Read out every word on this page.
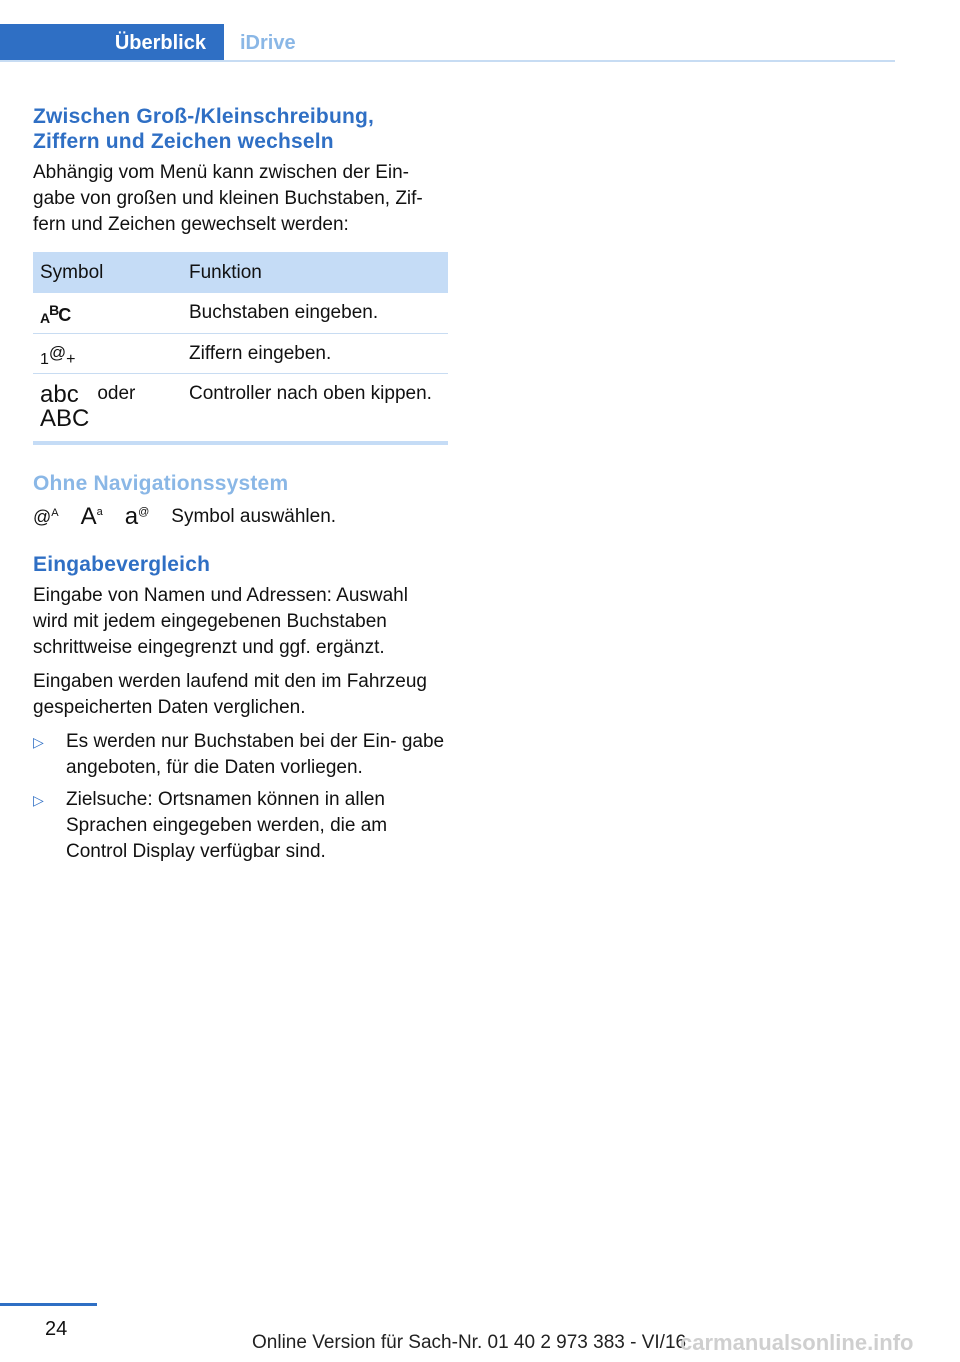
Überblick	iDrive
Zwischen Groß-/Kleinschreibung,
Ziffern und Zeichen wechseln

Abhängig vom Menü kann zwischen der Ein‐ gabe von großen und kleinen Buchstaben, Zif‐ fern und Zeichen gewechselt werden:

Symbol	Funktion
$A^BC$	Buchstaben eingeben.
1@+	Ziffern eingeben.
abc
ABCoder	Controller nach oben kippen.
Ohne Navigationssystem
@$^A$ $A^a$ a@ Symbol auswählen.
Eingabevergleich

Eingabe von Namen und Adressen: Auswahl wird mit jedem eingegebenen Buchstaben schrittweise eingegrenzt und ggf. ergänzt.

Eingaben werden laufend mit den im Fahrzeug gespeicherten Daten verglichen.

▷ Es werden nur Buchstaben bei der Ein‐ gabe angeboten, für die Daten vorliegen.
▷ Zielsuche: Ortsnamen können in allen Sprachen eingegeben werden, die am Control Display verfügbar sind.
24
Online Version für Sach-Nr. 01 40 2 973 383 - VI/16
carmanualsonline.info
